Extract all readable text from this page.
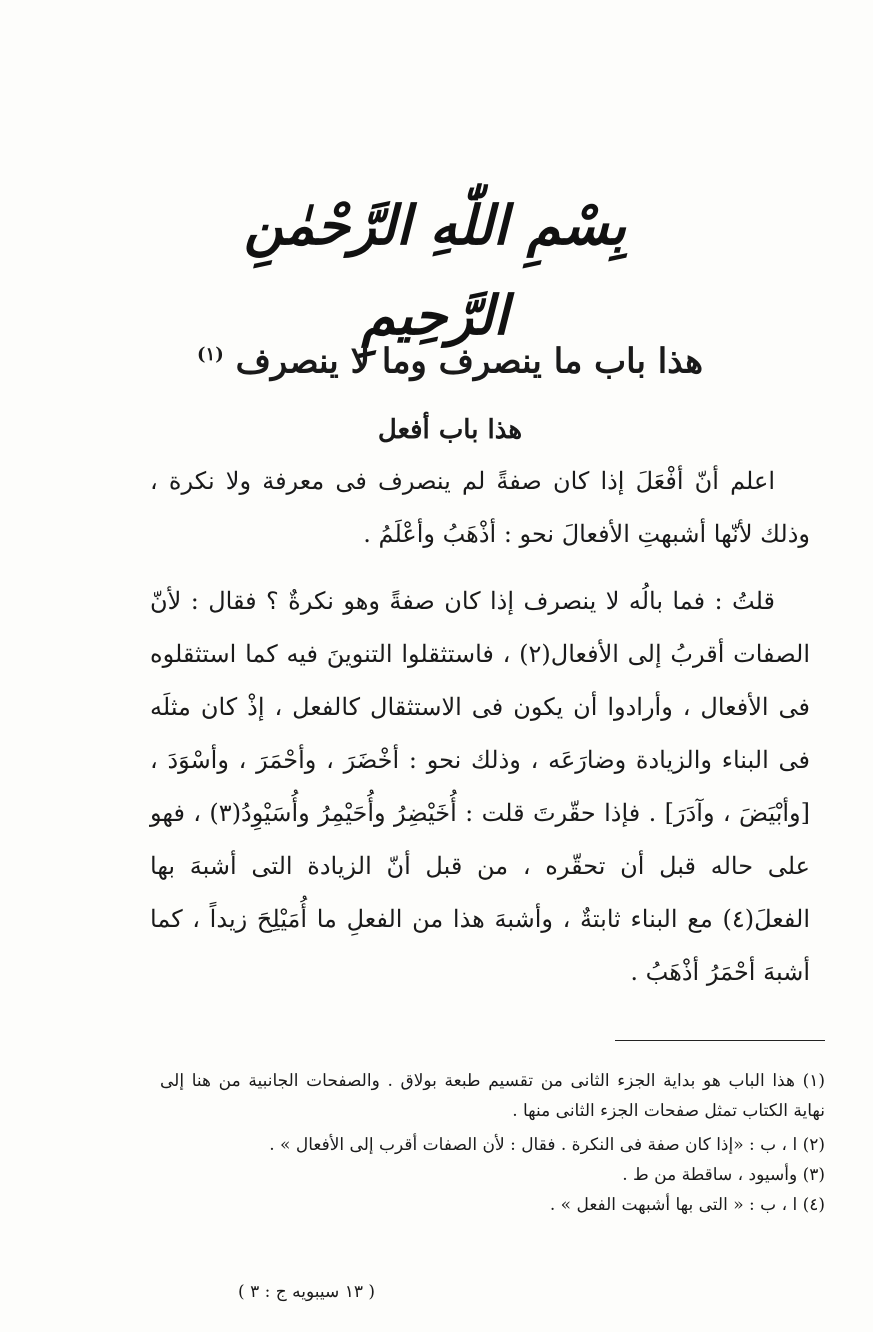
بِسْمِ اللّٰهِ الرَّحْمٰنِ الرَّحِيمِ
هذا باب ما ينصرف وما لا ينصرف $^{(١)}$
هذا باب أفعل

اعلم أنّ أفْعَلَ إذا كان صفةً لم ينصرف فى معرفة ولا نكرة ، وذلك لأنّها أشبهتِ الأفعالَ نحو : أذْهَبُ وأعْلَمُ .

قلتُ : فما بالُه لا ينصرف إذا كان صفةً وهو نكرةٌ ؟ فقال : لأنّ الصفات أقربُ إلى الأفعال(٢) ، فاستثقلوا التنوينَ فيه كما استثقلوه فى الأفعال ، وأرادوا أن يكون فى الاستثقال كالفعل ، إذْ كان مثلَه فى البناء والزيادة وضارَعَه ، وذلك نحو : أخْضَرَ ، وأحْمَرَ ، وأسْوَدَ ، [وأبْيَضَ ، وآدَرَ] . فإذا حقّرتَ قلت : أُخَيْضِرُ وأُحَيْمِرُ وأُسَيْوِدُ(٣) ، فهو على حاله قبل أن تحقّره ، من قبل أنّ الزيادة التى أشبهَ بها الفعلَ(٤) مع البناء ثابتةٌ ، وأشبهَ هذا من الفعلِ ما أُمَيْلِحَ زيداً ، كما أشبهَ أحْمَرُ أذْهَبُ .

(١) هذا الباب هو بداية الجزء الثانى من تقسيم طبعة بولاق . والصفحات الجانبية من هنا إلى نهاية الكتاب تمثل صفحات الجزء الثانى منها .

(٢) ا ، ب : «إذا كان صفة فى النكرة . فقال : لأن الصفات أقرب إلى الأفعال » .

(٣) وأسيود ، ساقطة من ط .

(٤) ا ، ب : « التى بها أشبهت الفعل » .

( ١٣ سيبويه ج : ٣ )
